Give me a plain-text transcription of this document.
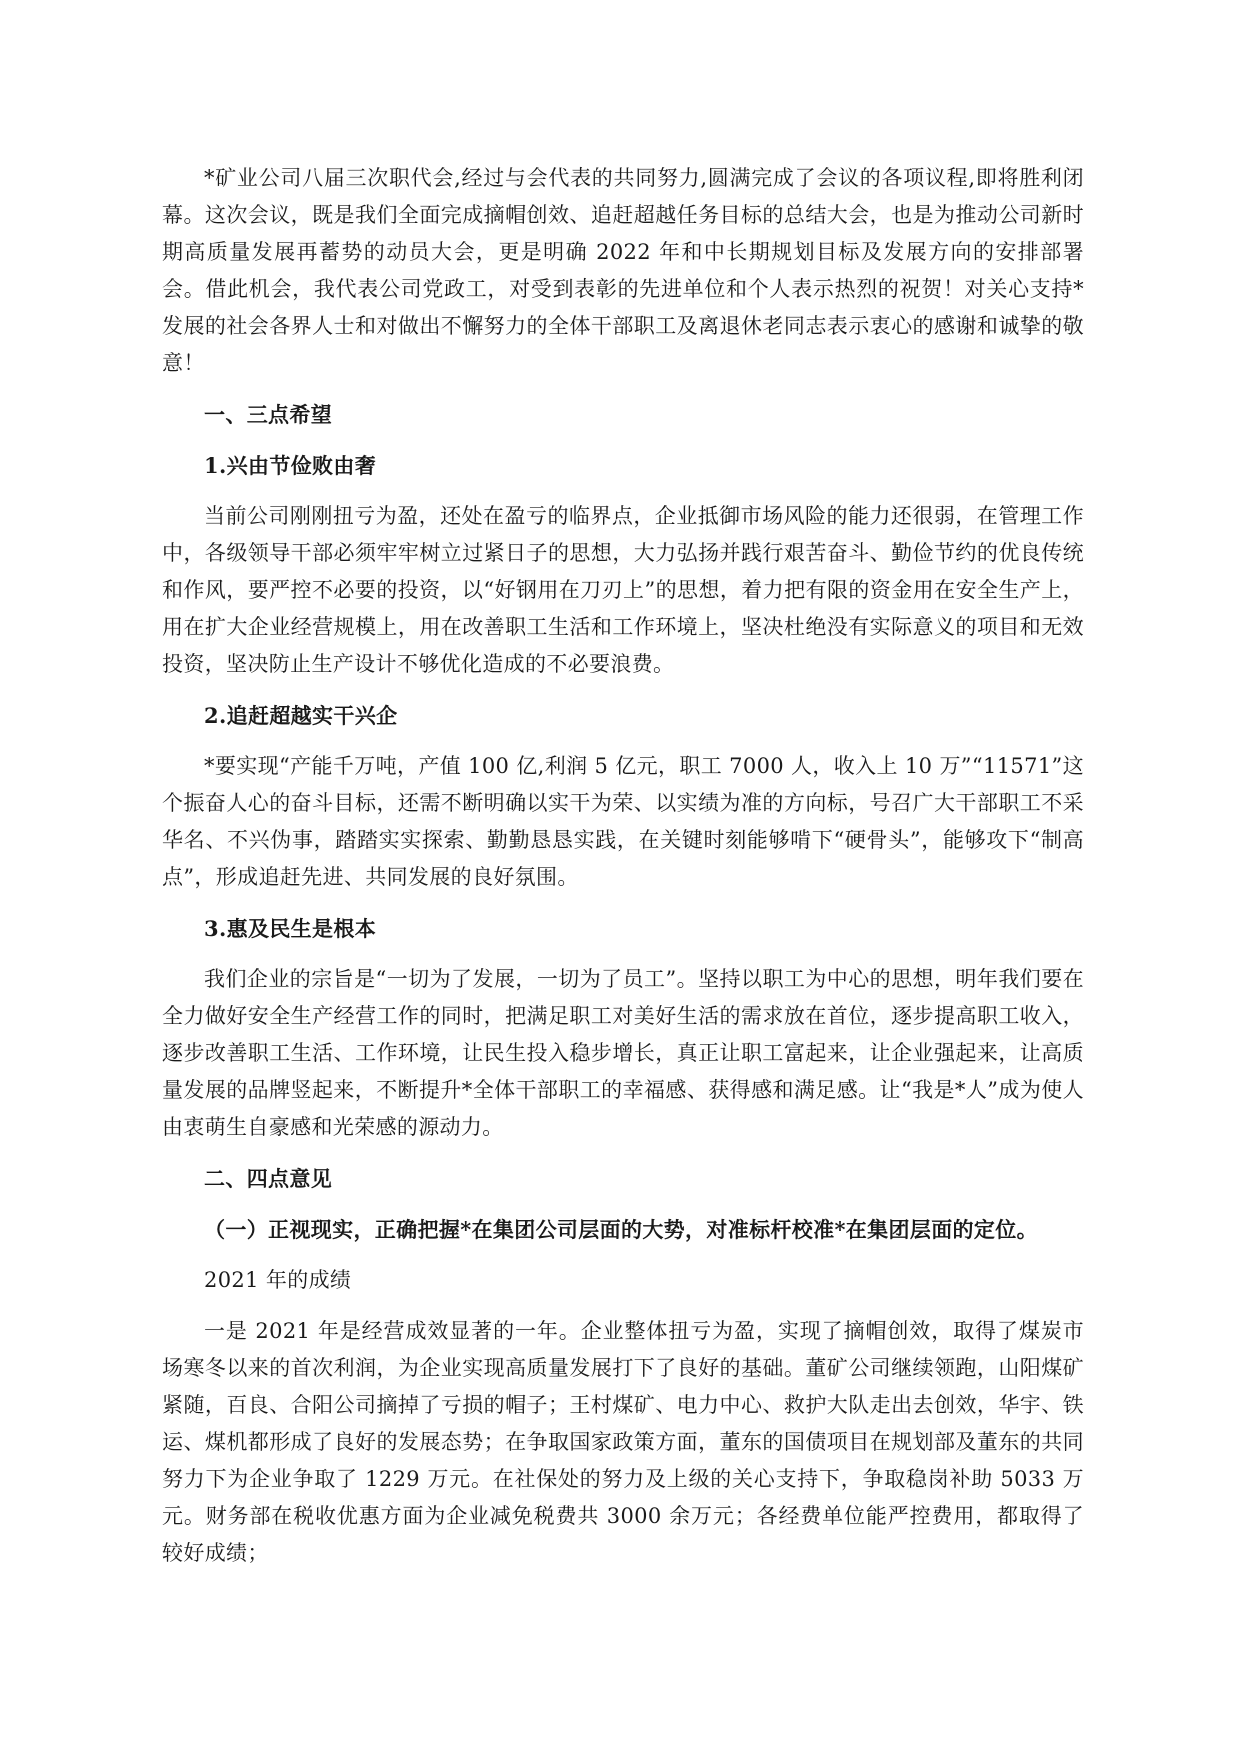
*矿业公司八届三次职代会,经过与会代表的共同努力,圆满完成了会议的各项议程,即将胜利闭幕。这次会议，既是我们全面完成摘帽创效、追赶超越任务目标的总结大会，也是为推动公司新时期高质量发展再蓄势的动员大会，更是明确 2022 年和中长期规划目标及发展方向的安排部署会。借此机会，我代表公司党政工，对受到表彰的先进单位和个人表示热烈的祝贺！对关心支持*发展的社会各界人士和对做出不懈努力的全体干部职工及离退休老同志表示衷心的感谢和诚挚的敬意！

一、三点希望

1.兴由节俭败由奢

当前公司刚刚扭亏为盈，还处在盈亏的临界点，企业抵御市场风险的能力还很弱，在管理工作中，各级领导干部必须牢牢树立过紧日子的思想，大力弘扬并践行艰苦奋斗、勤俭节约的优良传统和作风，要严控不必要的投资，以“好钢用在刀刃上”的思想，着力把有限的资金用在安全生产上，用在扩大企业经营规模上，用在改善职工生活和工作环境上，坚决杜绝没有实际意义的项目和无效投资，坚决防止生产设计不够优化造成的不必要浪费。

2.追赶超越实干兴企

*要实现“产能千万吨，产值 100 亿,利润 5 亿元，职工 7000 人，收入上 10 万”“11571”这个振奋人心的奋斗目标，还需不断明确以实干为荣、以实绩为准的方向标，号召广大干部职工不采华名、不兴伪事，踏踏实实探索、勤勤恳恳实践，在关键时刻能够啃下“硬骨头”，能够攻下“制高点”，形成追赶先进、共同发展的良好氛围。

3.惠及民生是根本

我们企业的宗旨是“一切为了发展，一切为了员工”。坚持以职工为中心的思想，明年我们要在全力做好安全生产经营工作的同时，把满足职工对美好生活的需求放在首位，逐步提高职工收入，逐步改善职工生活、工作环境，让民生投入稳步增长，真正让职工富起来，让企业强起来，让高质量发展的品牌竖起来，不断提升*全体干部职工的幸福感、获得感和满足感。让“我是*人”成为使人由衷萌生自豪感和光荣感的源动力。

二、四点意见

（一）正视现实，正确把握*在集团公司层面的大势，对准标杆校准*在集团层面的定位。

2021 年的成绩

一是 2021 年是经营成效显著的一年。企业整体扭亏为盈，实现了摘帽创效，取得了煤炭市场寒冬以来的首次利润，为企业实现高质量发展打下了良好的基础。董矿公司继续领跑，山阳煤矿紧随，百良、合阳公司摘掉了亏损的帽子；王村煤矿、电力中心、救护大队走出去创效，华宇、铁运、煤机都形成了良好的发展态势；在争取国家政策方面，董东的国债项目在规划部及董东的共同努力下为企业争取了 1229 万元。在社保处的努力及上级的关心支持下，争取稳岗补助 5033 万元。财务部在税收优惠方面为企业减免税费共 3000 余万元；各经费单位能严控费用，都取得了较好成绩；
